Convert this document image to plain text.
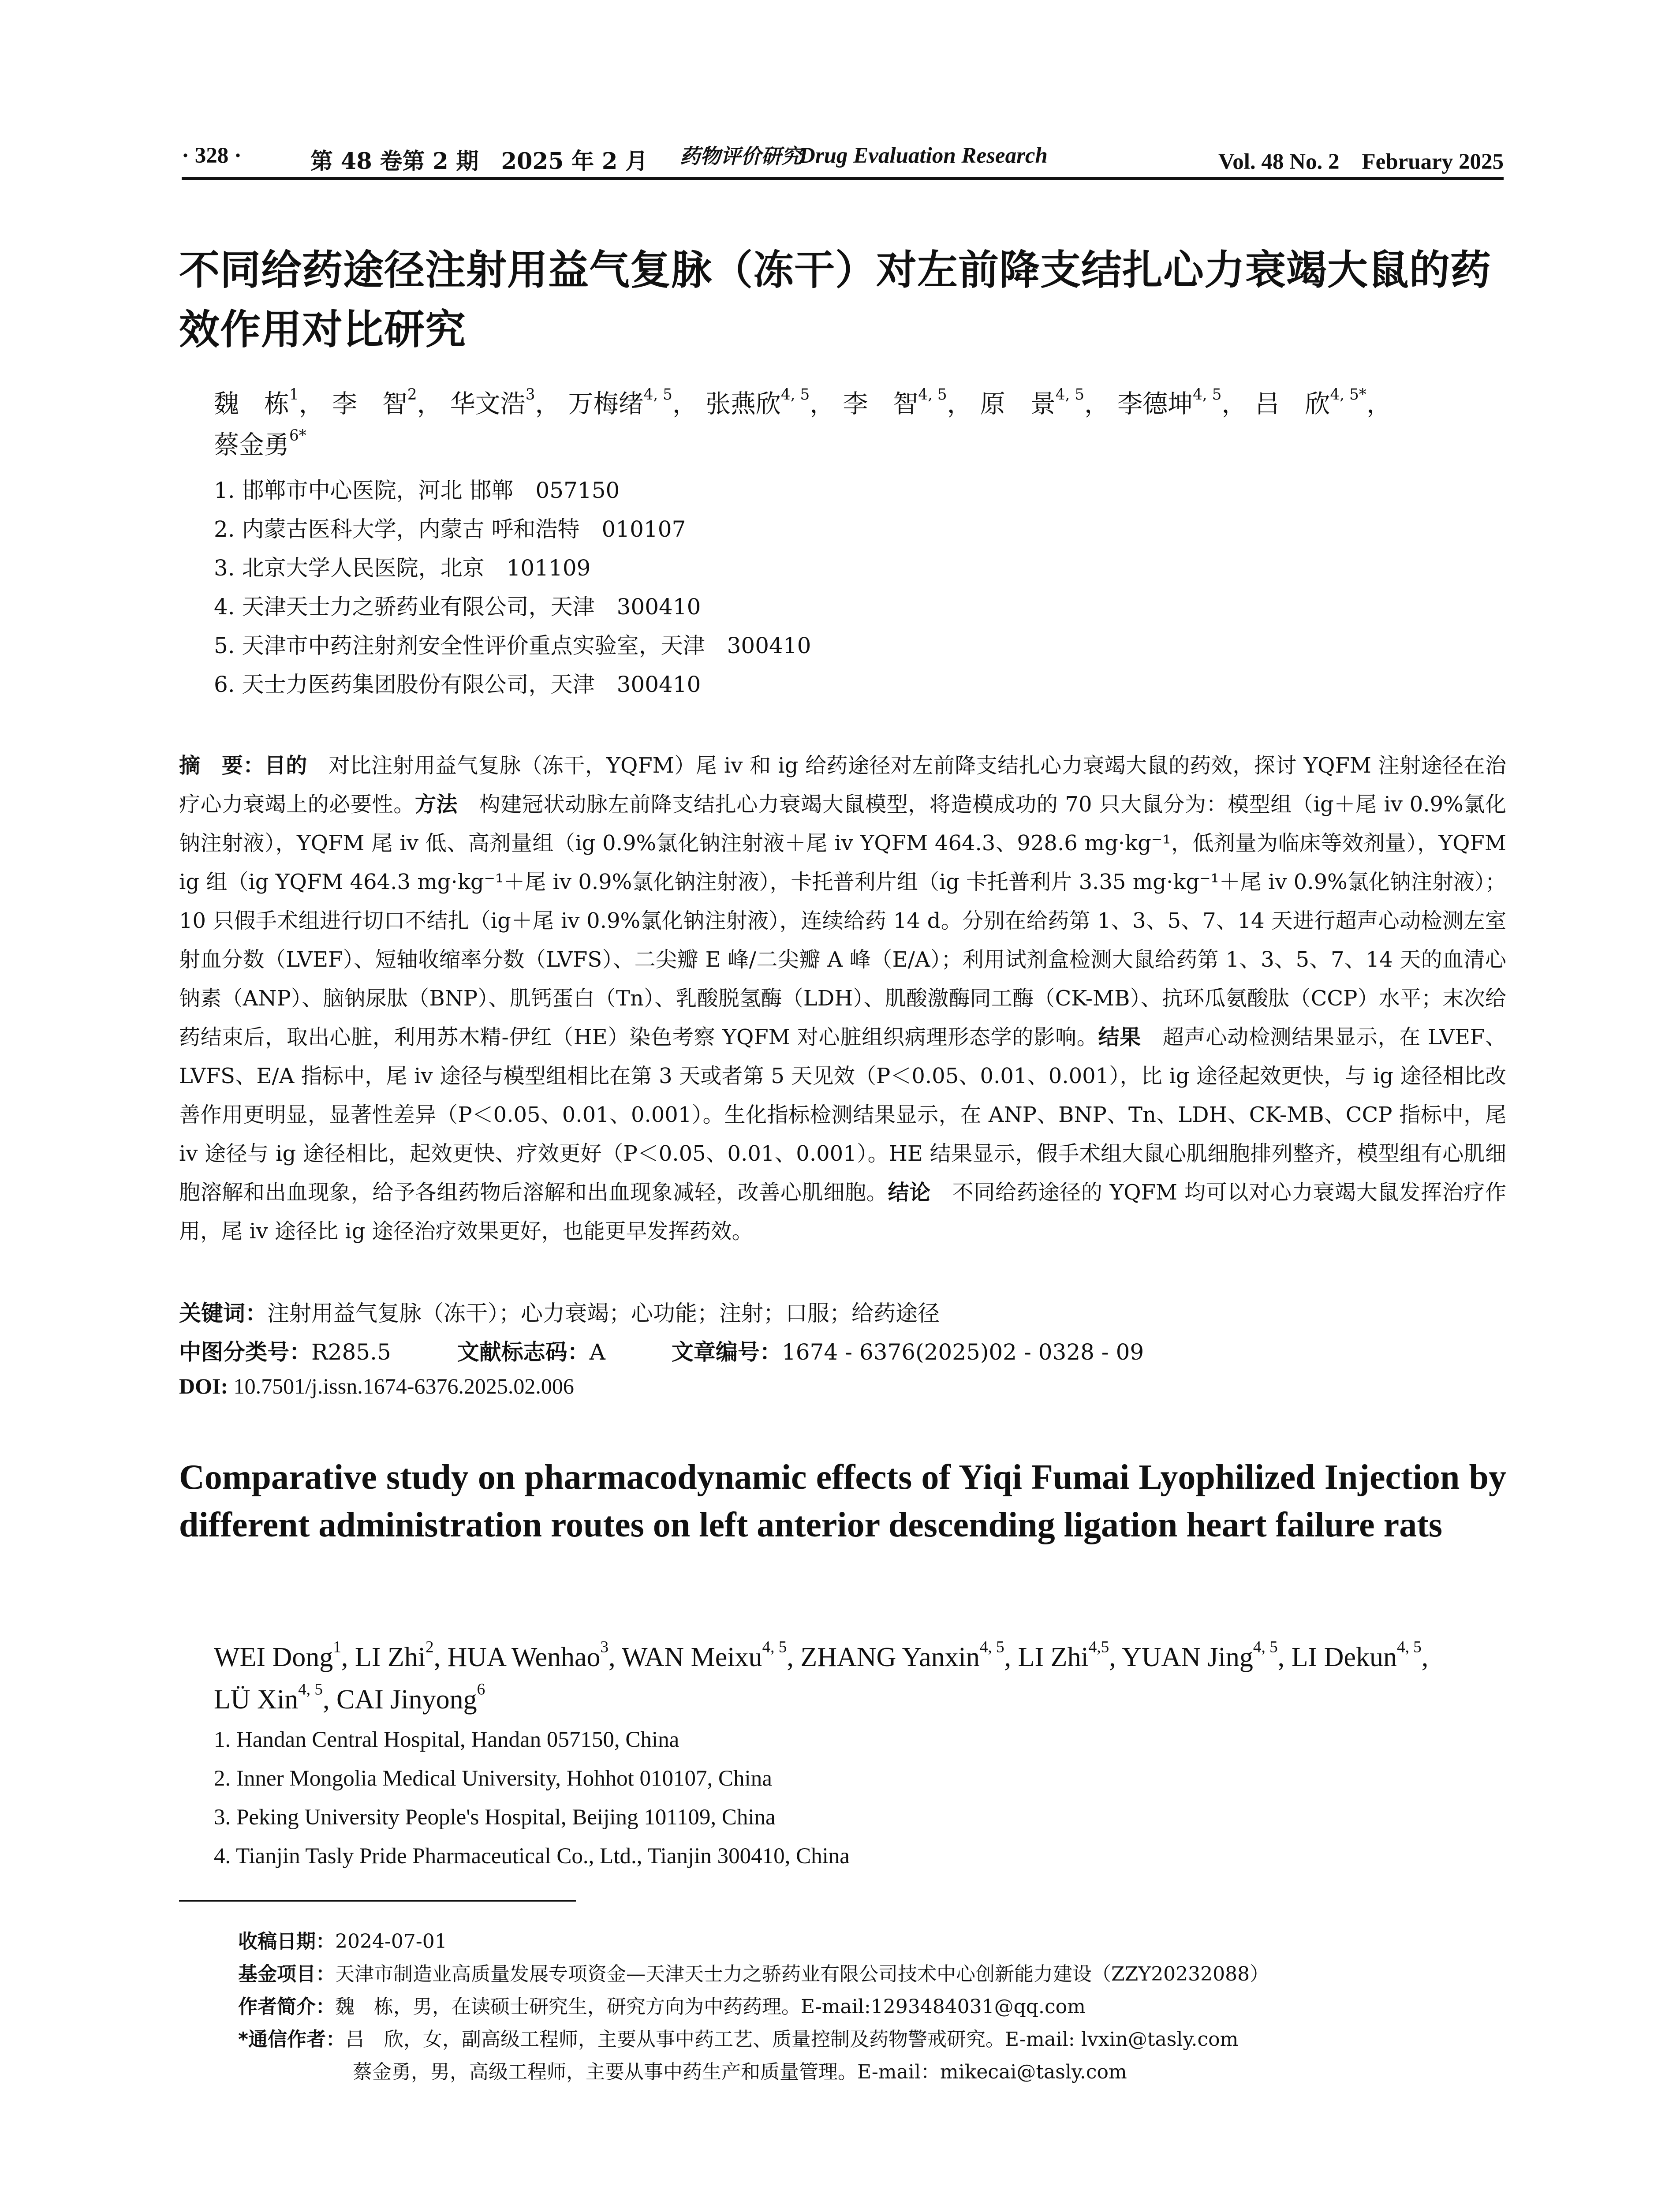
· 328 ·	第 48 卷第 2 期　2025 年 2 月 药物评价研究
Drug Evaluation Research	Vol. 48 No. 2　February 2025
不同给药途径注射用益气复脉（冻干）对左前降支结扎心力衰竭大鼠的药效作用对比研究
魏　栋$^1$， 李　智$^2$， 华文浩$^3$， 万梅绪$^{4, 5}$， 张燕欣$^{4, 5}$， 李　智$^{4, 5}$， 原　景$^{4, 5}$， 李德坤$^{4, 5}$， 吕　欣$^{4, 5*}$，
蔡金勇$^{6*}$
1. 邯郸市中心医院，河北 邯郸　057150
2. 内蒙古医科大学，内蒙古 呼和浩特　010107
3. 北京大学人民医院，北京　101109
4. 天津天士力之骄药业有限公司，天津　300410
5. 天津市中药注射剂安全性评价重点实验室，天津　300410
6. 天士力医药集团股份有限公司，天津　300410
摘　要：目的　对比注射用益气复脉（冻干，YQFM）尾 iv 和 ig 给药途径对左前降支结扎心力衰竭大鼠的药效，探讨 YQFM 注射途径在治疗心力衰竭上的必要性。方法　构建冠状动脉左前降支结扎心力衰竭大鼠模型，将造模成功的 70 只大鼠分为：模型组（ig＋尾 iv 0.9%氯化钠注射液），YQFM 尾 iv 低、高剂量组（ig 0.9%氯化钠注射液＋尾 iv YQFM 464.3、928.6 mg·kg⁻¹，低剂量为临床等效剂量），YQFM ig 组（ig YQFM 464.3 mg·kg⁻¹＋尾 iv 0.9%氯化钠注射液），卡托普利片组（ig 卡托普利片 3.35 mg·kg⁻¹＋尾 iv 0.9%氯化钠注射液）；10 只假手术组进行切口不结扎（ig＋尾 iv 0.9%氯化钠注射液），连续给药 14 d。分别在给药第 1、3、5、7、14 天进行超声心动检测左室射血分数（LVEF）、短轴收缩率分数（LVFS）、二尖瓣 E 峰/二尖瓣 A 峰（E/A）；利用试剂盒检测大鼠给药第 1、3、5、7、14 天的血清心钠素（ANP）、脑钠尿肽（BNP）、肌钙蛋白（Tn）、乳酸脱氢酶（LDH）、肌酸激酶同工酶（CK-MB）、抗环瓜氨酸肽（CCP）水平；末次给药结束后，取出心脏，利用苏木精-伊红（HE）染色考察 YQFM 对心脏组织病理形态学的影响。结果　超声心动检测结果显示，在 LVEF、LVFS、E/A 指标中，尾 iv 途径与模型组相比在第 3 天或者第 5 天见效（P＜0.05、0.01、0.001），比 ig 途径起效更快，与 ig 途径相比改善作用更明显，显著性差异（P＜0.05、0.01、0.001）。生化指标检测结果显示，在 ANP、BNP、Tn、LDH、CK-MB、CCP 指标中，尾 iv 途径与 ig 途径相比，起效更快、疗效更好（P＜0.05、0.01、0.001）。HE 结果显示，假手术组大鼠心肌细胞排列整齐，模型组有心肌细胞溶解和出血现象，给予各组药物后溶解和出血现象减轻，改善心肌细胞。结论　不同给药途径的 YQFM 均可以对心力衰竭大鼠发挥治疗作用，尾 iv 途径比 ig 途径治疗效果更好，也能更早发挥药效。
关键词：注射用益气复脉（冻干）；心力衰竭；心功能；注射；口服；给药途径
中图分类号：R285.5	文献标志码：A	文章编号：1674 - 6376(2025)02 - 0328 - 09
DOI: 10.7501/j.issn.1674-6376.2025.02.006
Comparative study on pharmacodynamic effects of Yiqi Fumai Lyophilized Injection by different administration routes on left anterior descending ligation heart failure rats
WEI Dong$^1$, LI Zhi$^2$, HUA Wenhao$^3$, WAN Meixu$^{4, 5}$, ZHANG Yanxin$^{4, 5}$, LI Zhi$^{4,5}$, YUAN Jing$^{4, 5}$, LI Dekun$^{4, 5}$,
LÜ Xin$^{4, 5}$, CAI Jinyong$^6$
1. Handan Central Hospital, Handan 057150, China
2. Inner Mongolia Medical University, Hohhot 010107, China
3. Peking University People's Hospital, Beijing 101109, China
4. Tianjin Tasly Pride Pharmaceutical Co., Ltd., Tianjin 300410, China
收稿日期：2024-07-01
基金项目：天津市制造业高质量发展专项资金—天津天士力之骄药业有限公司技术中心创新能力建设（ZZY20232088）
作者简介：魏　栋，男，在读硕士研究生，研究方向为中药药理。E-mail:1293484031@qq.com
*通信作者：吕　欣，女，副高级工程师，主要从事中药工艺、质量控制及药物警戒研究。E-mail: lvxin@tasly.com
蔡金勇，男，高级工程师，主要从事中药生产和质量管理。E-mail：mikecai@tasly.com
